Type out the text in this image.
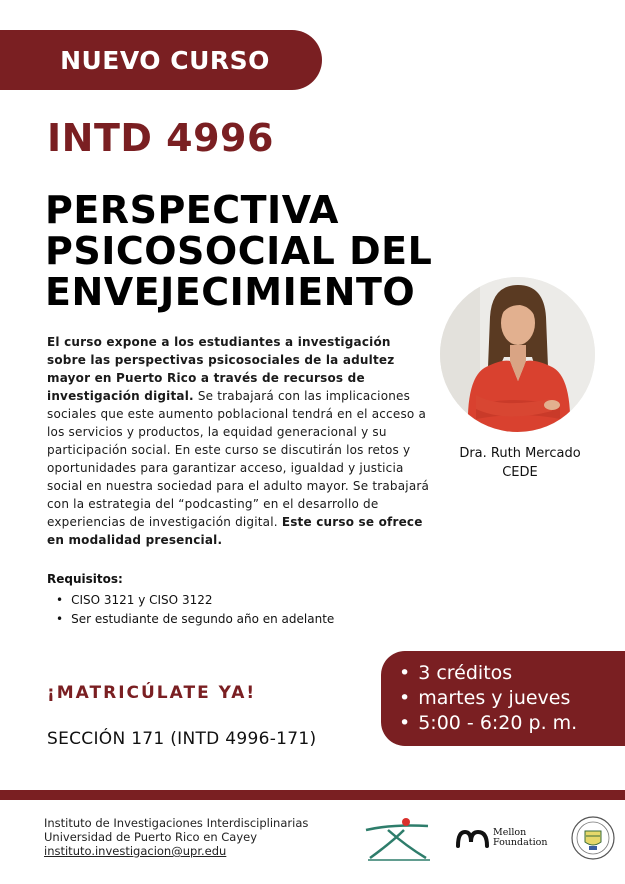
NUEVO CURSO
INTD 4996
PERSPECTIVA
PSICOSOCIAL DEL
ENVEJECIMIENTO

El curso expone a los estudiantes a investigación sobre las perspectivas psicosociales de la adultez mayor en Puerto Rico a través de recursos de investigación digital. Se trabajará con las implicaciones sociales que este aumento poblacional tendrá en el acceso a los servicios y productos, la equidad generacional y su participación social. En este curso se discutirán los retos y oportunidades para garantizar acceso, igualdad y justicia social en nuestra sociedad para el adulto mayor. Se trabajará con la estrategia del “podcasting” en el desarrollo de experiencias de investigación digital. Este curso se ofrece en modalidad presencial.

Dra. Ruth Mercado
CEDE
Requisitos:
• CISO 3121 y CISO 3122
• Ser estudiante de segundo año en adelante
¡MATRICÚLATE YA!
SECCIÓN 171 (INTD 4996-171)
• 3 créditos
• martes y jueves
• 5:00 - 6:20 p. m.
Instituto de Investigaciones Interdisciplinarias
Universidad de Puerto Rico en Cayey
instituto.investigacion@upr.edu
Mellon
Foundation
